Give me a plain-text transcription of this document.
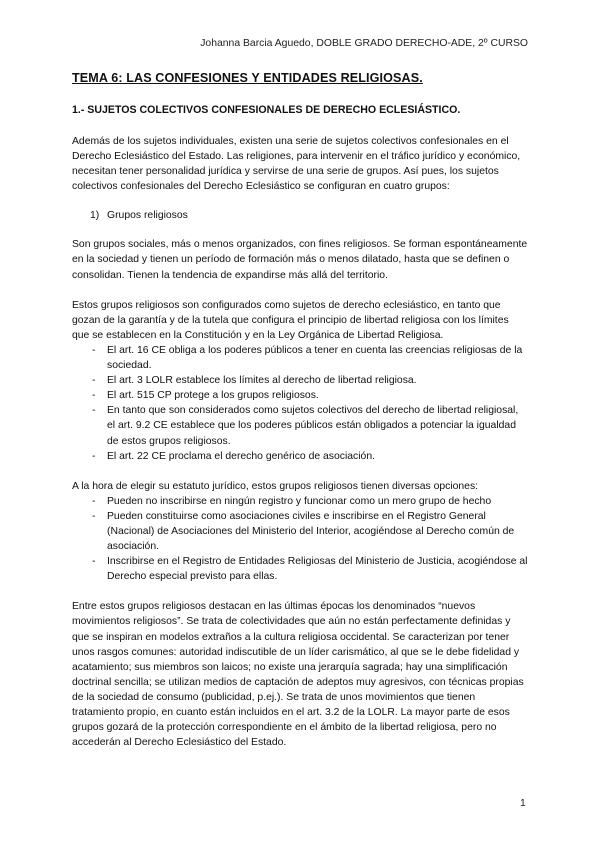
Johanna Barcia Aguedo, DOBLE GRADO DERECHO-ADE, 2º CURSO
TEMA 6: LAS CONFESIONES Y ENTIDADES RELIGIOSAS.
1.- SUJETOS COLECTIVOS CONFESIONALES DE DERECHO ECLESIÁSTICO.

Además de los sujetos individuales, existen una serie de sujetos colectivos confesionales en el Derecho Eclesiástico del Estado. Las religiones, para intervenir en el tráfico jurídico y económico, necesitan tener personalidad jurídica y servirse de una serie de grupos. Así pues, los sujetos colectivos confesionales del Derecho Eclesiástico se configuran en cuatro grupos:

1) Grupos religiosos

Son grupos sociales, más o menos organizados, con fines religiosos. Se forman espontáneamente en la sociedad y tienen un período de formación más o menos dilatado, hasta que se definen o consolidan. Tienen la tendencia de expandirse más allá del territorio.

Estos grupos religiosos son configurados como sujetos de derecho eclesiástico, en tanto que gozan de la garantía y de la tutela que configura el principio de libertad religiosa con los límites que se establecen en la Constitución y en la Ley Orgánica de Libertad Religiosa.

- El art. 16 CE obliga a los poderes públicos a tener en cuenta las creencias religiosas de la sociedad.
- El art. 3 LOLR establece los límites al derecho de libertad religiosa.
- El art. 515 CP protege a los grupos religiosos.
- En tanto que son considerados como sujetos colectivos del derecho de libertad religiosal, el art. 9.2 CE establece que los poderes públicos están obligados a potenciar la igualdad de estos grupos religiosos.
- El art. 22 CE proclama el derecho genérico de asociación.

A la hora de elegir su estatuto jurídico, estos grupos religiosos tienen diversas opciones:

- Pueden no inscribirse en ningún registro y funcionar como un mero grupo de hecho
- Pueden constituirse como asociaciones civiles e inscribirse en el Registro General (Nacional) de Asociaciones del Ministerio del Interior, acogiéndose al Derecho común de asociación.
- Inscribirse en el Registro de Entidades Religiosas del Ministerio de Justicia, acogiéndose al Derecho especial previsto para ellas.

Entre estos grupos religiosos destacan en las últimas épocas los denominados “nuevos movimientos religiosos”. Se trata de colectividades que aún no están perfectamente definidas y que se inspiran en modelos extraños a la cultura religiosa occidental. Se caracterizan por tener unos rasgos comunes: autoridad indiscutible de un líder carismático, al que se le debe fidelidad y acatamiento; sus miembros son laicos; no existe una jerarquía sagrada; hay una simplificación doctrinal sencilla; se utilizan medios de captación de adeptos muy agresivos, con técnicas propias de la sociedad de consumo (publicidad, p.ej.). Se trata de unos movimientos que tienen tratamiento propio, en cuanto están incluidos en el art. 3.2 de la LOLR. La mayor parte de esos grupos gozará de la protección correspondiente en el ámbito de la libertad religiosa, pero no accederán al Derecho Eclesiástico del Estado.

1
